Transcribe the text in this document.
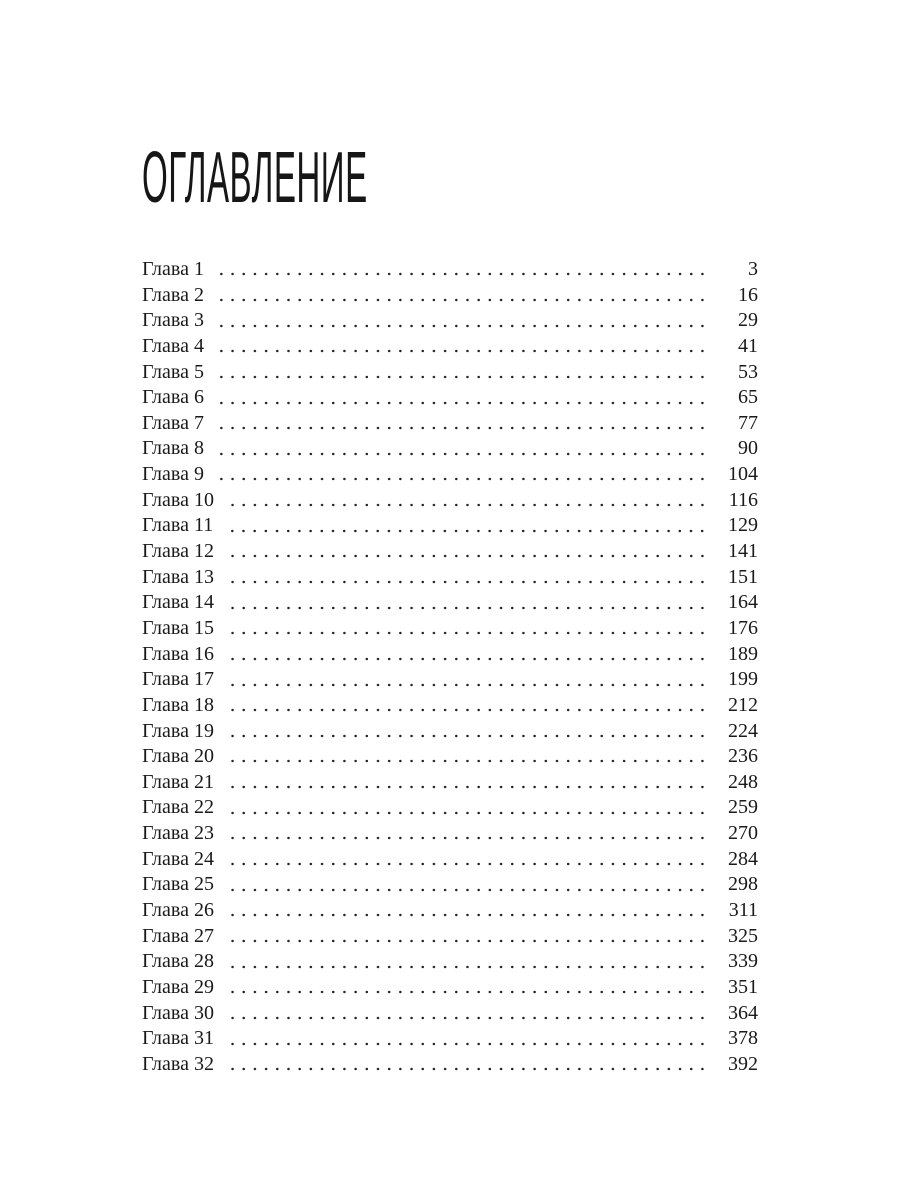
ОГЛАВЛЕНИЕ
Глава 1	3
Глава 2	16
Глава 3	29
Глава 4	41
Глава 5	53
Глава 6	65
Глава 7	77
Глава 8	90
Глава 9	104
Глава 10	116
Глава 11	129
Глава 12	141
Глава 13	151
Глава 14	164
Глава 15	176
Глава 16	189
Глава 17	199
Глава 18	212
Глава 19	224
Глава 20	236
Глава 21	248
Глава 22	259
Глава 23	270
Глава 24	284
Глава 25	298
Глава 26	311
Глава 27	325
Глава 28	339
Глава 29	351
Глава 30	364
Глава 31	378
Глава 32	392
